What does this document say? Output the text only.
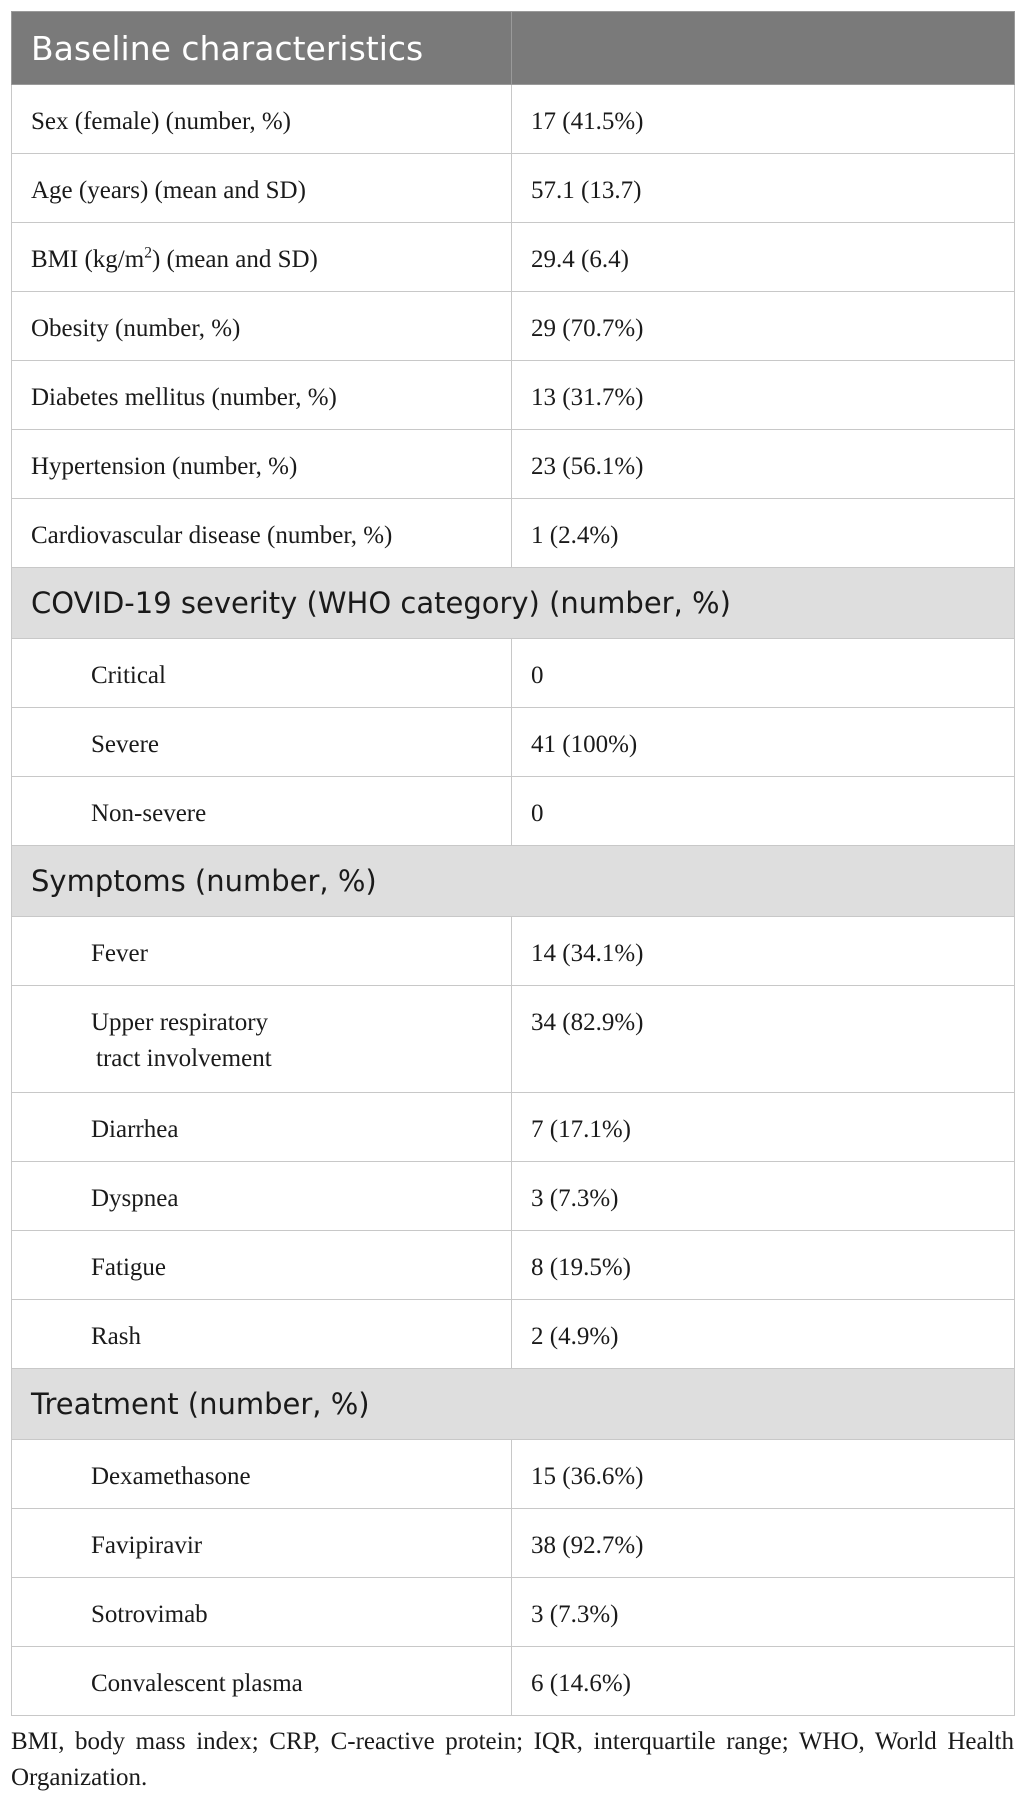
Baseline characteristics	
Sex (female) (number, %)	17 (41.5%)
Age (years) (mean and SD)	57.1 (13.7)
BMI $(kg/m^2)$ (mean and SD)	29.4 (6.4)
Obesity (number, %)	29 (70.7%)
Diabetes mellitus (number, %)	13 (31.7%)
Hypertension (number, %)	23 (56.1%)
Cardiovascular disease (number, %)	1 (2.4%)
COVID-19 severity (WHO category) (number, %)	
Critical	0
Severe	41 (100%)
Non-severe	0
Symptoms (number, %)	
Fever	14 (34.1%)

Upper respiratory
tract involvement	34 (82.9%)
Diarrhea	7 (17.1%)
Dyspnea	3 (7.3%)
Fatigue	8 (19.5%)
Rash	2 (4.9%)
Treatment (number, %)	
Dexamethasone	15 (36.6%)
Favipiravir	38 (92.7%)
Sotrovimab	3 (7.3%)
Convalescent plasma	6 (14.6%)
BMI, body mass index; CRP, C-reactive protein; IQR, interquartile range; WHO, World Health Organization.
